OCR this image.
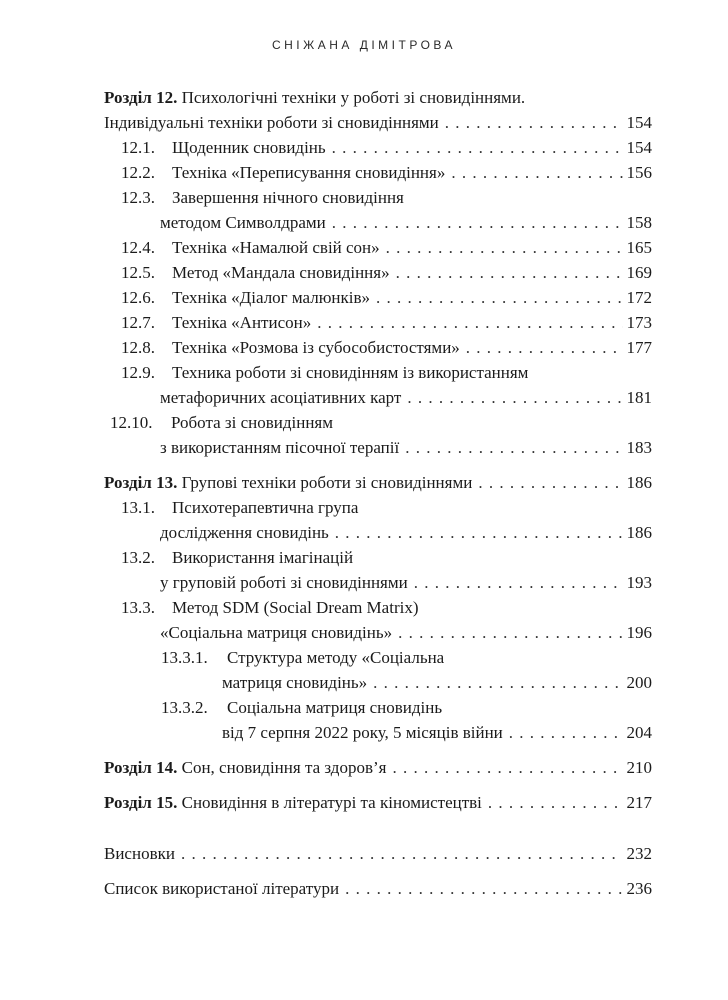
СНІЖАНА ДІМІТРОВА
Розділ 12. Психологічні техніки у роботі зі сновидіннями.
Індивідуальні техніки роботи зі сновидіннями . . .	154
12.1. Щоденник сновидінь . . .	154
12.2. Техніка «Переписування сновидіння» . . .	156
12.3. Завершення нічного сновидіння
методом Символдрами . . .	158
12.4. Техніка «Намалюй свій сон» . . .	165
12.5. Метод «Мандала сновидіння» . . .	169
12.6. Техніка «Діалог малюнків» . . .	172
12.7. Техніка «Антисон» . . .	173
12.8. Техніка «Розмова із субособистостями» . . .	177
12.9. Техника роботи зі сновидінням із використанням
метафоричних асоціативних карт . . .	181
12.10. Робота зі сновидінням
з використанням пісочної терапії . . .	183
Розділ 13. Групові техніки роботи зі сновидіннями . . .	186
13.1. Психотерапевтична група
дослідження сновидінь . . .	186
13.2. Використання імагінацій
у груповій роботі зі сновидіннями . . .	193
13.3. Метод SDM (Social Dream Matrix)
«Соціальна матриця сновидінь» . . .	196
13.3.1. Структура методу «Соціальна
матриця сновидінь» . . .	200
13.3.2. Соціальна матриця сновидінь
від 7 серпня 2022 року, 5 місяців війни . . .	204
Розділ 14. Сон, сновидіння та здоров’я . . .	210
Розділ 15. Сновидіння в літературі та кіномистецтві . . .	217
Висновки . . .	232
Список використаної літератури . . .	236
